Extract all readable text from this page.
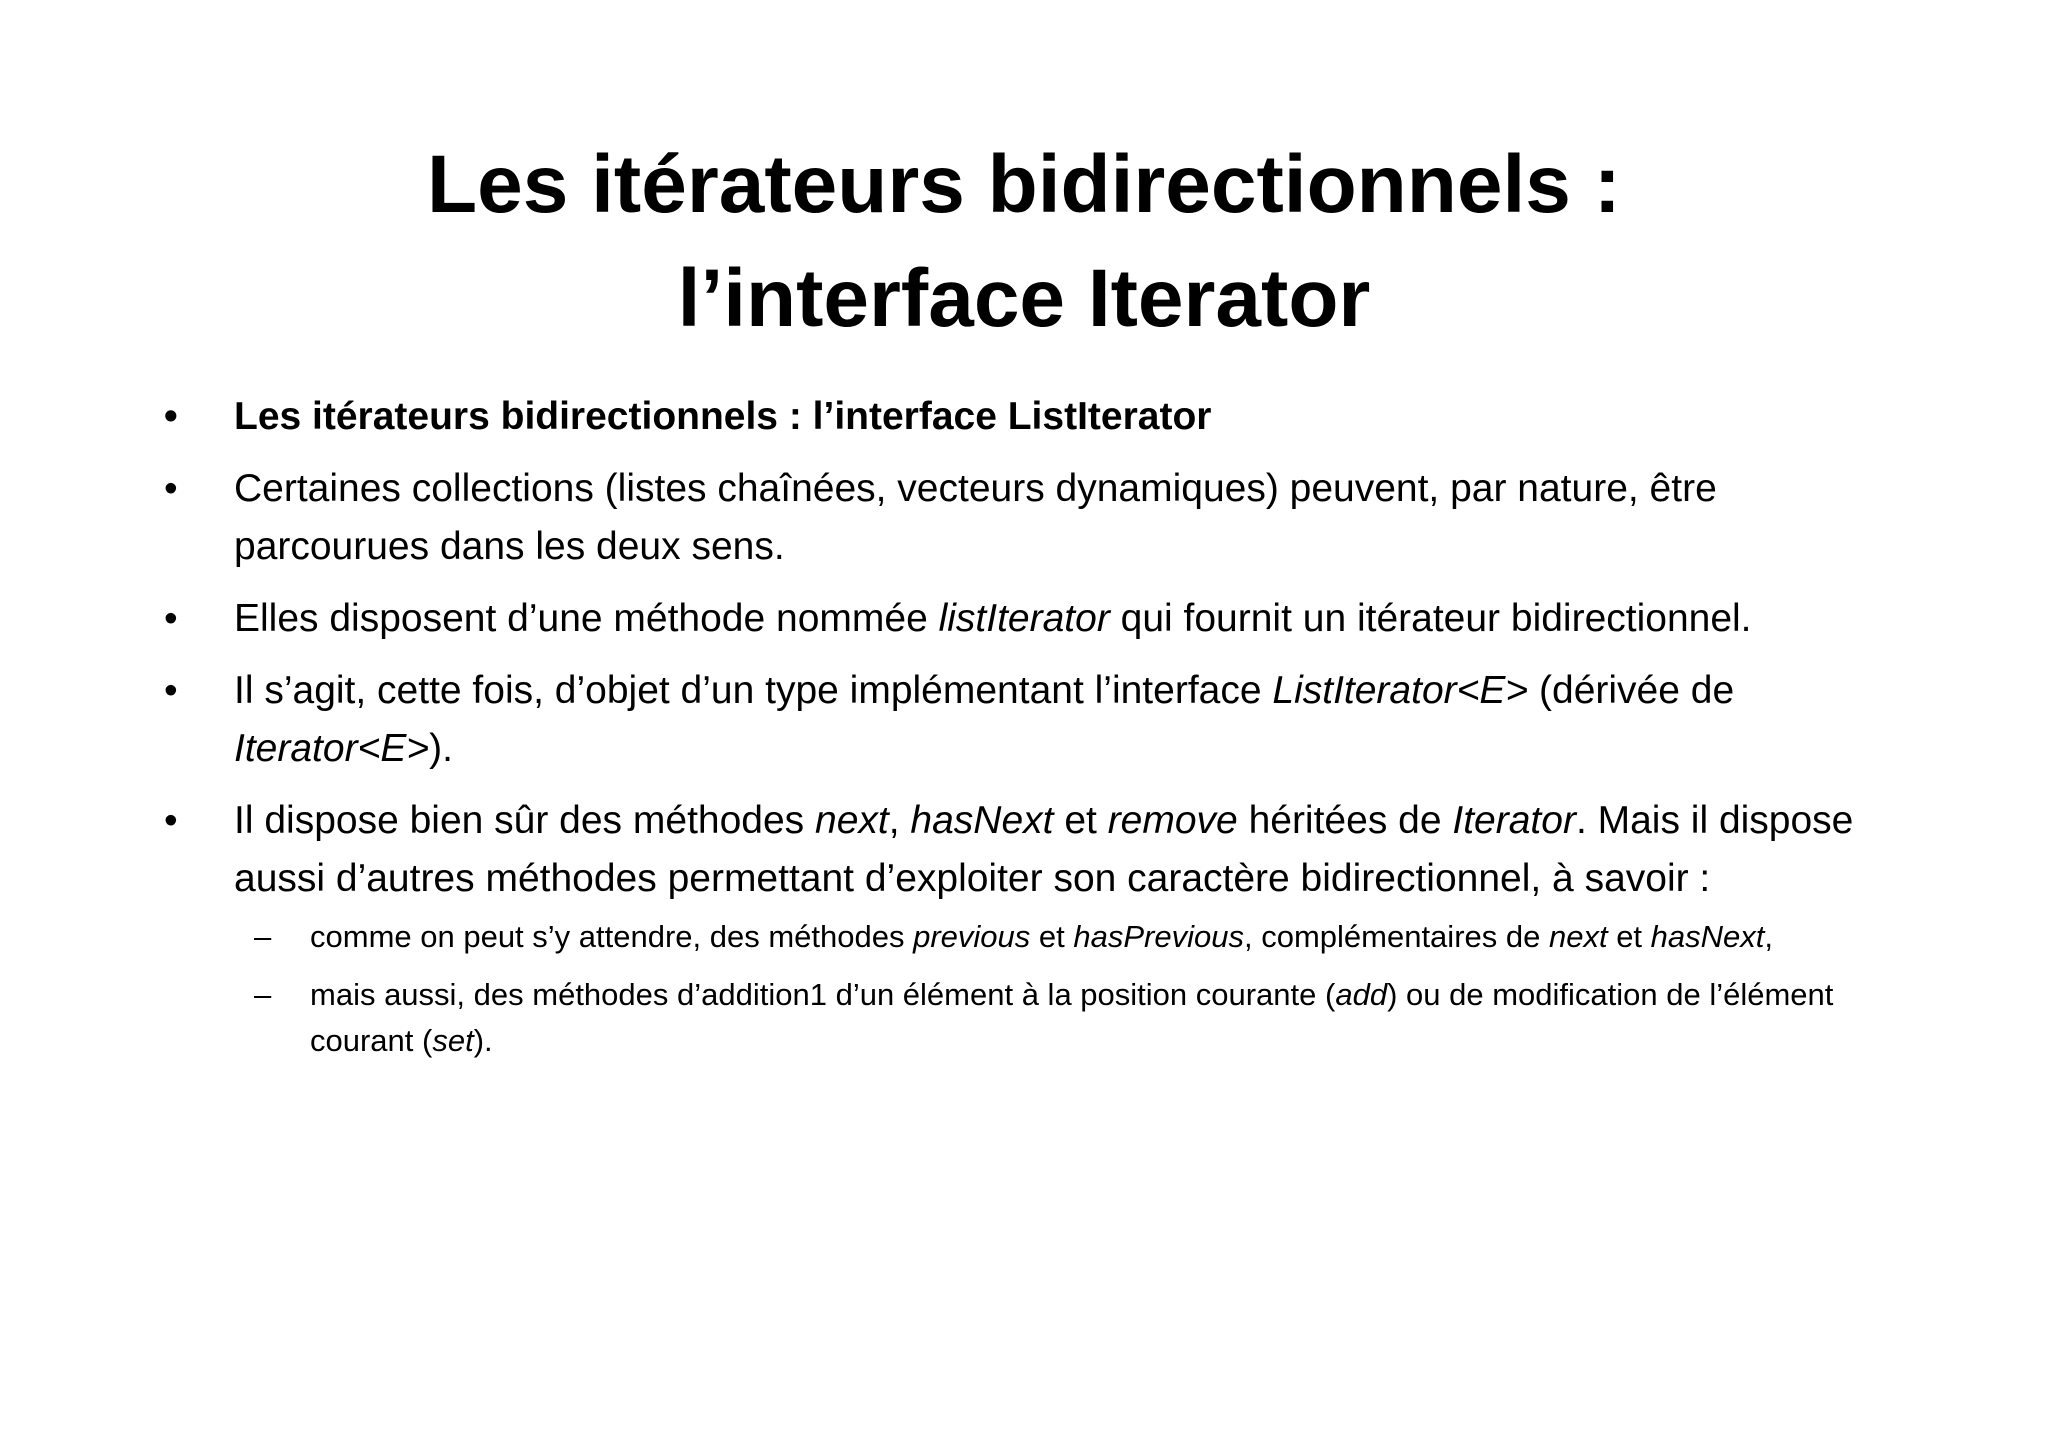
Les itérateurs bidirectionnels :
l’interface Iterator
• Les itérateurs bidirectionnels : l’interface ListIterator
• Certaines collections (listes chaînées, vecteurs dynamiques) peuvent, par nature, être parcourues dans les deux sens.
• Elles disposent d’une méthode nommée listIterator qui fournit un itérateur bidirectionnel.
• Il s’agit, cette fois, d’objet d’un type implémentant l’interface ListIterator<E> (dérivée de Iterator<E>).
• Il dispose bien sûr des méthodes next, hasNext et remove héritées de Iterator. Mais il dispose aussi d’autres méthodes permettant d’exploiter son caractère bidirectionnel, à savoir :
– comme on peut s’y attendre, des méthodes previous et hasPrevious, complémentaires de next et hasNext,
– mais aussi, des méthodes d’addition1 d’un élément à la position courante (add) ou de modification de l’élément courant (set).
